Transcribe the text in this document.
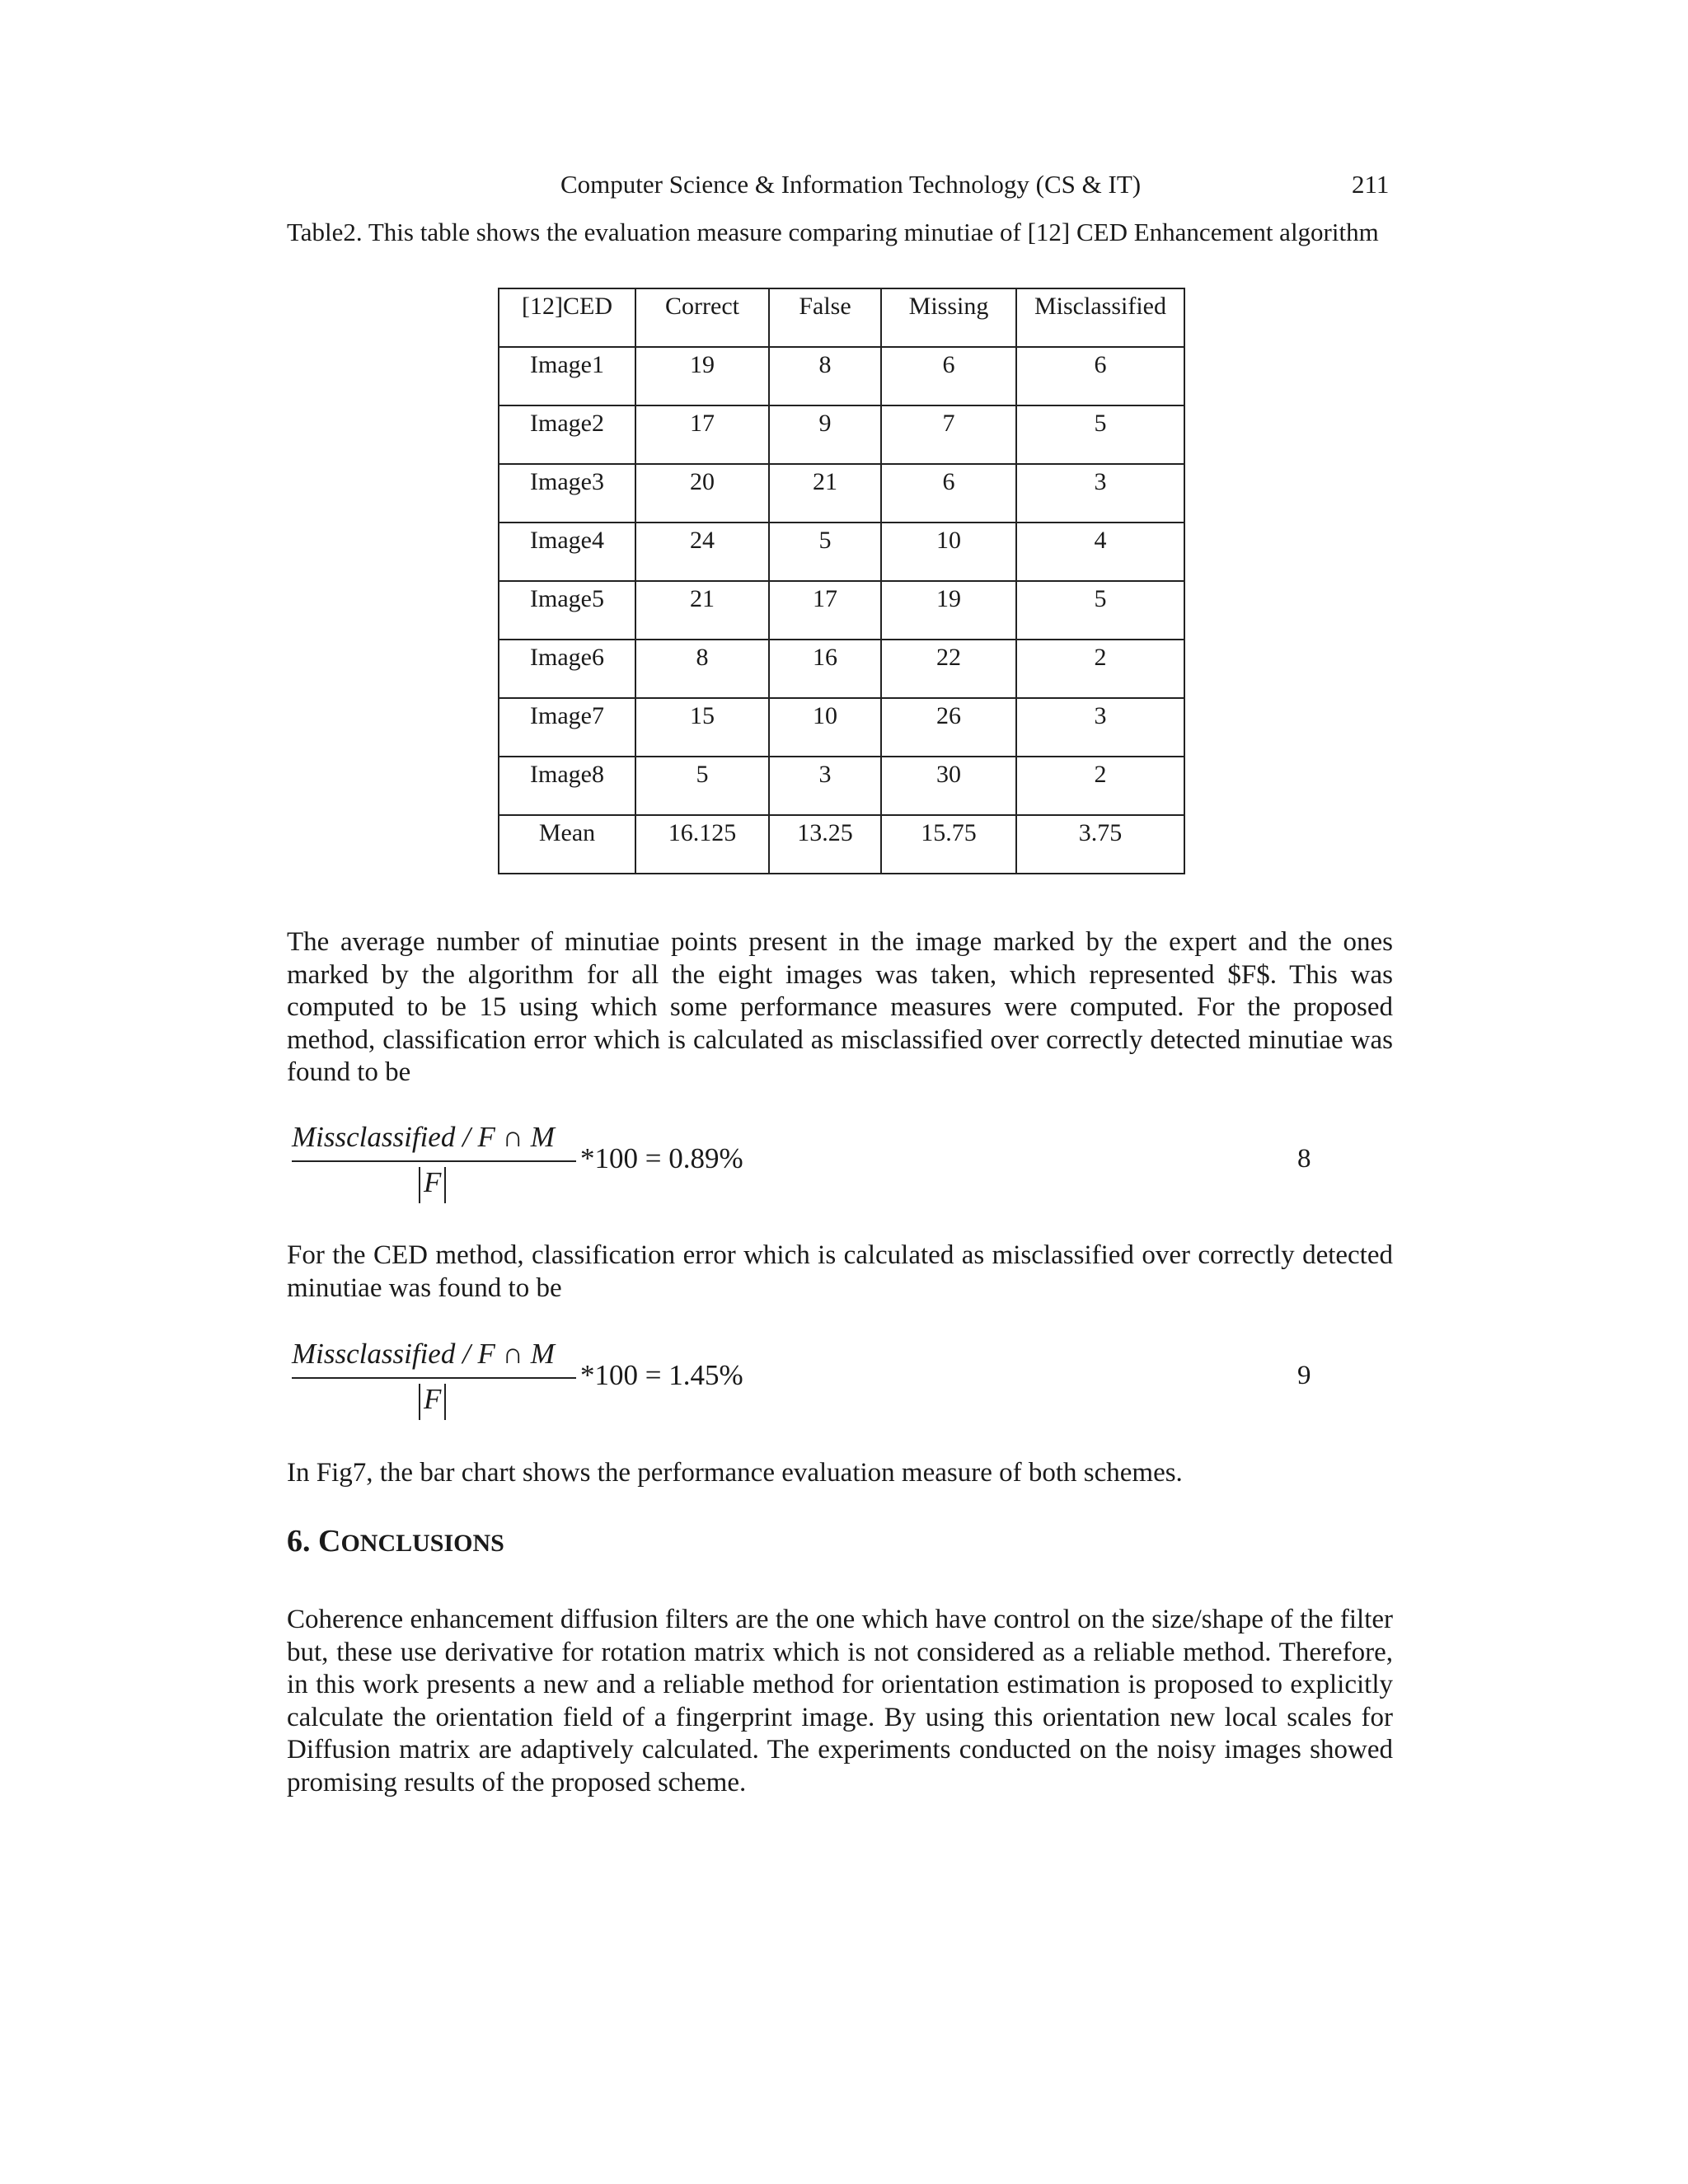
Computer Science & Information Technology (CS & IT)	211
Table2. This table shows the evaluation measure comparing minutiae of [12] CED Enhancement algorithm
[12]CED	Correct	False	Missing	Misclassified
Image1	19	8	6	6
Image2	17	9	7	5
Image3	20	21	6	3
Image4	24	5	10	4
Image5	21	17	19	5
Image6	8	16	22	2
Image7	15	10	26	3
Image8	5	3	30	2
Mean	16.125	13.25	15.75	3.75
The average number of minutiae points present in the image marked by the expert and the ones marked by the algorithm for all the eight images was taken, which represented $F$. This was computed to be 15 using which some performance measures were computed. For the proposed method, classification error which is calculated as misclassified over correctly detected minutiae was found to be
Missclassified / F ∩ M
*100 = 0.89%
F
8
For the CED method, classification error which is calculated as misclassified over correctly detected minutiae was found to be
Missclassified / F ∩ M
*100 = 1.45%
F
9
In Fig7, the bar chart shows the performance evaluation measure of both schemes.
6. CONCLUSIONS
Coherence enhancement diffusion filters are the one which have control on the size/shape of the filter but, these use derivative for rotation matrix which is not considered as a reliable method. Therefore, in this work presents a new and a reliable method for orientation estimation is proposed to explicitly calculate the orientation field of a fingerprint image. By using this orientation new local scales for Diffusion matrix are adaptively calculated. The experiments conducted on the noisy images showed promising results of the proposed scheme.
